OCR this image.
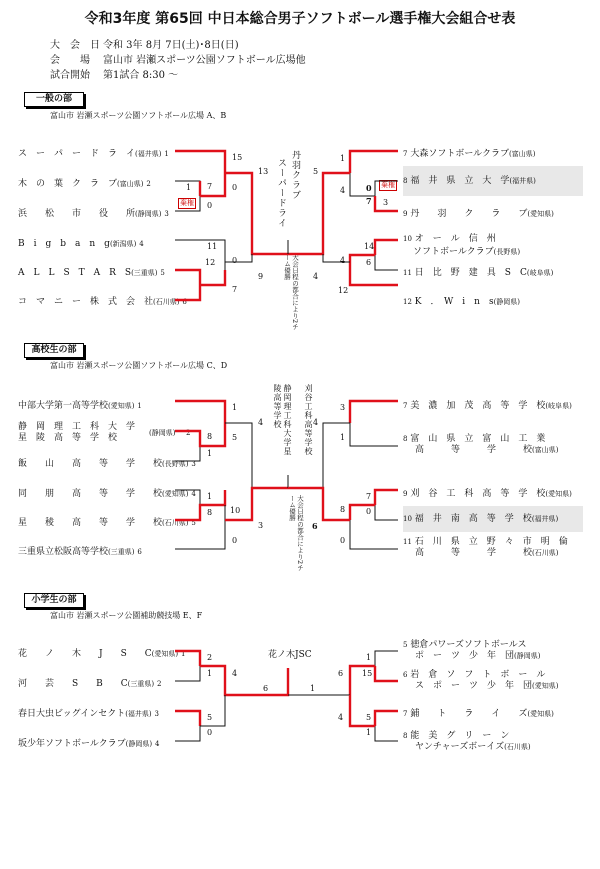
令和3年度 第65回 中日本総合男子ソフトボール選手権大会組合せ表
大　会　日 令和 3年 8月 7日(土)･8日(日)
会　　場 富山市 岩瀬スポーツ公園ソフトボール広場他
試合開始 第1試合 8:30 ～
一般の部
富山市 岩瀬スポーツ公園ソフトボール広場 A、B
ス　ー　パ　ー　ド　ラ　イ(福井県) 1
木　の　葉　ク　ラ　ブ(富山県) 2
浜　　松　　市　　役　　所(静岡県) 3
B　i　g　b　a　n　g(新潟県) 4
A　L　L　S　T　A　R　S(三重県) 5
コ　マ　ニ　ー　株　式　会　社(石川県) 6
7 大森ソフトボールクラブ(富山県)
8 福　井　県　立　大　学(福井県)
9 丹　　羽　　ク　　ラ　　ブ(愛知県)
10 オ　ー　ル　信　州
ソフトボールクラブ(長野県)
11 日　比　野　建　具　S　C(岐阜県)
12 K　．　W　i　n　s(静岡県)
丹羽クラブ
スーパードライ
大会日程の都合により2チーム優勝
15
0
1 7
13
0
11
0
12
7
9
5
1
4	0
7 3
14
6
4
12
4
棄権
棄権
高校生の部
富山市 岩瀬スポーツ公園ソフトボール広場 C、D
中部大学第一高等学校(愛知県) 1
静　岡　理　工　科　大　学
星　陵　高　等　学　校	(静岡県) 2
飯　　山　　高　　等　　学　　校(長野県) 3
同　　朋　　高　　等　　学　　校(愛知県) 4
星　　稜　　高　　等　　学　　校(石川県) 5
三重県立松阪高等学校(三重県) 6
7 美　濃　加　茂　高　等　学　校(岐阜県)
8 富　山　県　立　富　山　工　業
高　　　等　　　学　　　校(富山県)
9 刈　谷　工　科　高　等　学　校(愛知県)
10 福　井　南　高　等　学　校(福井県)
11 石　川　県　立　野　々　市　明　倫
高　　　等　　　学　　　校(石川県)
刈谷工科高等学校
静岡理工科大学星陵高等学校
大会日程の都合により2チーム優勝
1
8 5
1
4
1
8 10
0
3
4
3
7
0
8
0
1
6
小学生の部
富山市 岩瀬スポーツ公園補助競技場 E、F
花　　ノ　　木　　J　　S　　C(愛知県) 1
河　　芸　　S　　B　　C(三重県) 2
春日大虫ビッグインセクト(福井県) 3
坂少年ソフトボールクラブ(静岡県) 4
5 徳倉パワーズソフトボールス
ポ　ー　ツ　少　年　団(静岡県)
6 岩　倉　ソ　フ　ト　ボ　ー　ル
ス　ポ　ー　ツ　少　年　団(愛知県)
7 鋪　　ト　　ラ　　イ　　ズ(愛知県)
8 能　美　グ　リ　ー　ン
ヤンチャーズボーイズ(石川県)
花ノ木JSC
2
1 4
5
0
6	1
1
15
6
5
1
4
